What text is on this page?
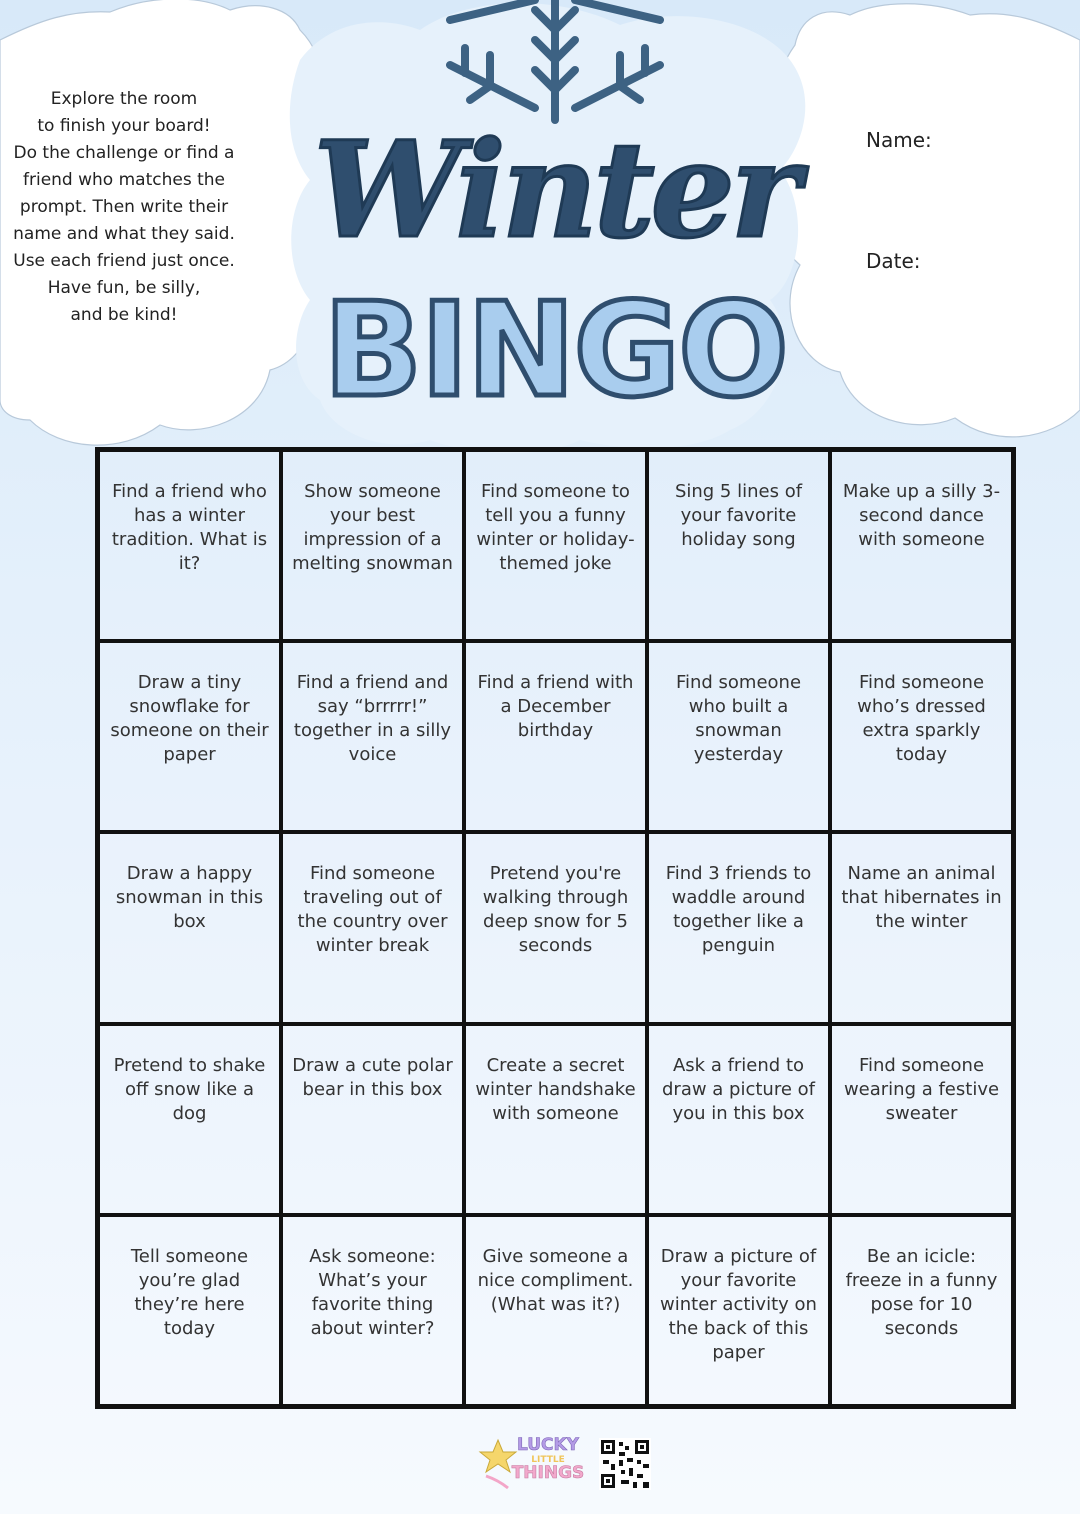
Explore the room
to finish your board!
Do the challenge or find a
friend who matches the
prompt. Then write their
name and what they said.
Use each friend just once.
Have fun, be silly,
and be kind!
Name:
Date:
Winter
BINGO
Find a friend who has a winter tradition. What is it?
Show someone your best impression of a melting snowman
Find someone to tell you a funny winter or holiday-themed joke
Sing 5 lines of your favorite holiday song
Make up a silly 3-second dance with someone
Draw a tiny snowflake for someone on their paper
Find a friend and say “brrrrr!” together in a silly voice
Find a friend with a December birthday
Find someone who built a snowman yesterday
Find someone who’s dressed extra sparkly today
Draw a happy snowman in this box
Find someone traveling out of the country over winter break
Pretend you're walking through deep snow for 5 seconds
Find 3 friends to waddle around together like a penguin
Name an animal that hibernates in the winter
Pretend to shake off snow like a dog
Draw a cute polar bear in this box
Create a secret winter handshake with someone
Ask a friend to draw a picture of you in this box
Find someone wearing a festive sweater
Tell someone you’re glad they’re here today
Ask someone: What’s your favorite thing about winter?
Give someone a nice compliment. (What was it?)
Draw a picture of your favorite winter activity on the back of this paper
Be an icicle: freeze in a funny pose for 10 seconds
LUCKY
LITTLE
THINGS
